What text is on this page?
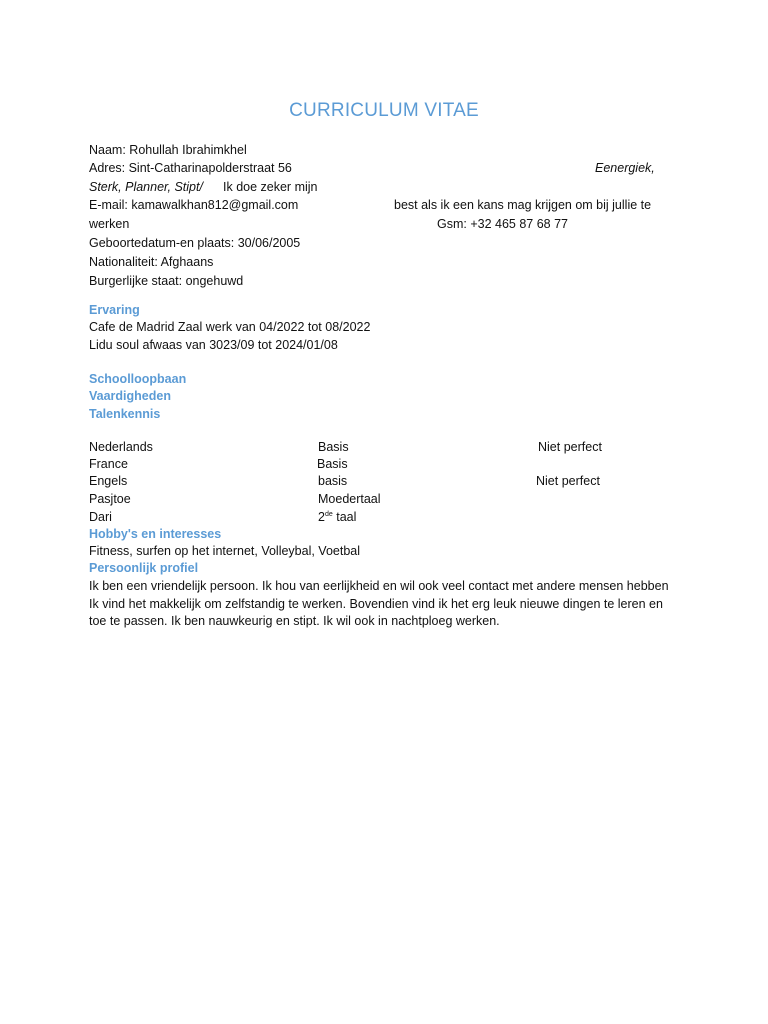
CURRICULUM VITAE
Naam: Rohullah Ibrahimkhel
Adres: Sint-Catharinapolderstraat 56	Eenergiek,
Sterk, Planner, Stipt/ Ik doe zeker mijn
E-mail: kamawalkhan812@gmail.com	best als ik een kans mag krijgen om bij jullie te
werken	Gsm: +32 465 87 68 77
Geboortedatum-en plaats: 30/06/2005
Nationaliteit: Afghaans
Burgerlijke staat: ongehuwd
Ervaring
Cafe de Madrid Zaal werk van 04/2022 tot 08/2022
Lidu soul afwaas van 3023/09 tot 2024/01/08
Schoolloopbaan
Vaardigheden
Talenkennis
Nederlands	Basis	Niet perfect
France	Basis
Engels	basis	Niet perfect
Pasjtoe	Moedertaal
Dari	2de taal
Hobby's en interesses
Fitness, surfen op het internet, Volleybal, Voetbal
Persoonlijk profiel
Ik ben een vriendelijk persoon. Ik hou van eerlijkheid en wil ook veel contact met andere mensen hebben
Ik vind het makkelijk om zelfstandig te werken. Bovendien vind ik het erg leuk nieuwe dingen te leren en
toe te passen. Ik ben nauwkeurig en stipt. Ik wil ook in nachtploeg werken.
